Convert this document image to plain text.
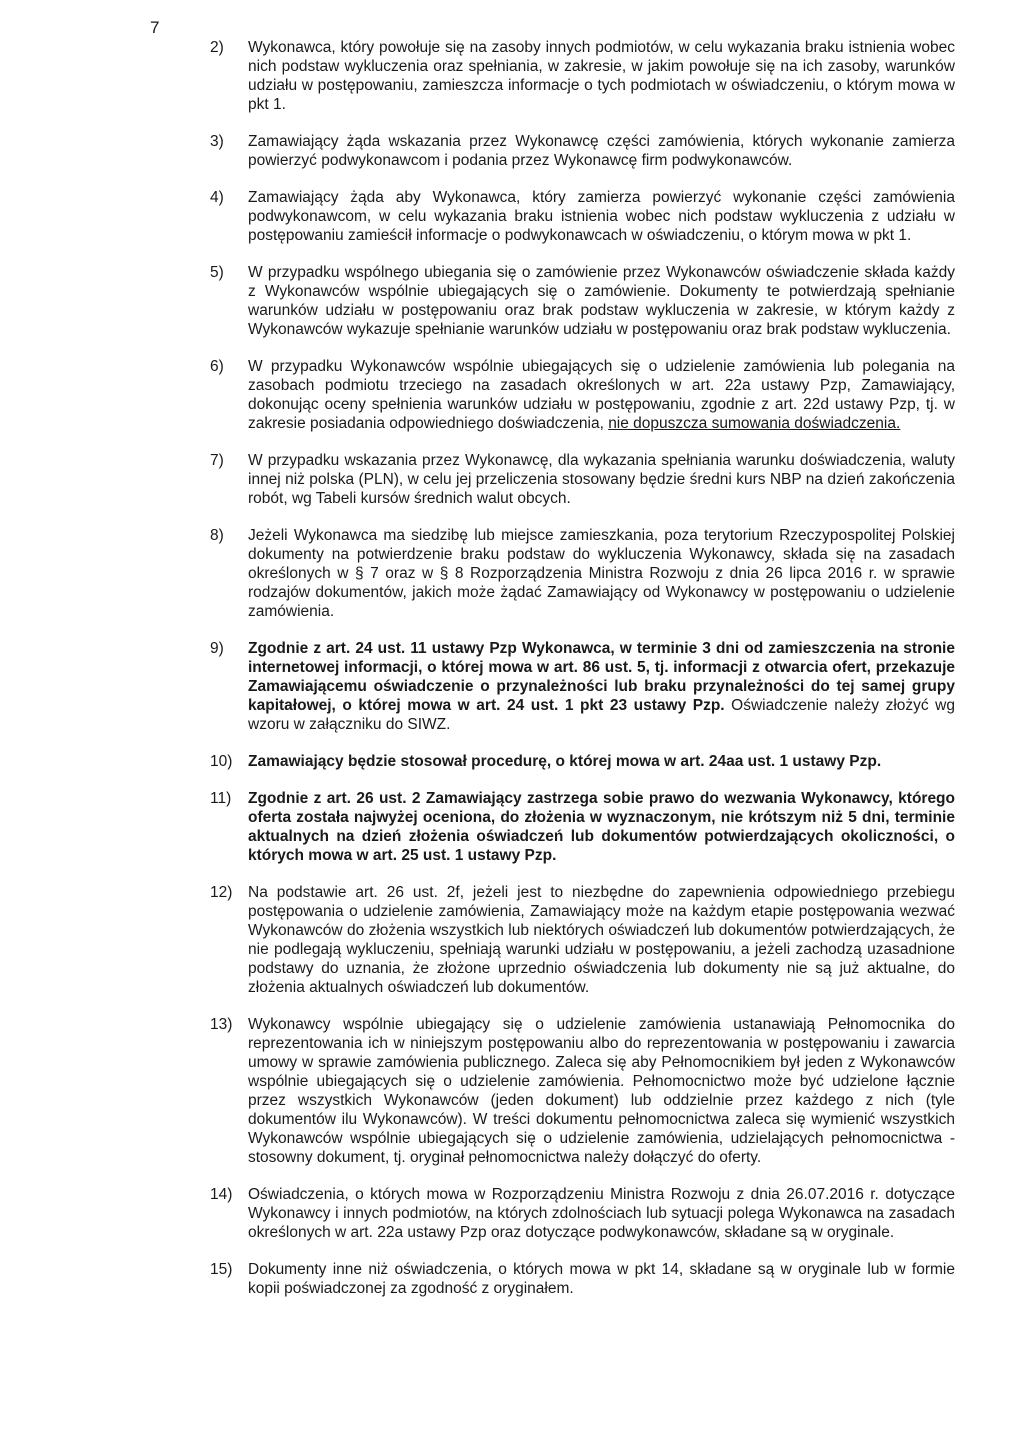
7
2)	Wykonawca, który powołuje się na zasoby innych podmiotów, w celu wykazania braku istnienia wobec nich podstaw wykluczenia oraz spełniania, w zakresie, w jakim powołuje się na ich zasoby, warunków udziału w postępowaniu, zamieszcza informacje o tych podmiotach w oświadczeniu, o którym mowa w pkt 1.
3)	Zamawiający żąda wskazania przez Wykonawcę części zamówienia, których wykonanie zamierza powierzyć podwykonawcom i podania przez Wykonawcę firm podwykonawców.
4)	Zamawiający żąda aby Wykonawca, który zamierza powierzyć wykonanie części zamówienia podwykonawcom, w celu wykazania braku istnienia wobec nich podstaw wykluczenia z udziału w postępowaniu zamieścił informacje o podwykonawcach w oświadczeniu, o którym mowa w pkt 1.
5)	W przypadku wspólnego ubiegania się o zamówienie przez Wykonawców oświadczenie składa każdy z Wykonawców wspólnie ubiegających się o zamówienie. Dokumenty te potwierdzają spełnianie warunków udziału w postępowaniu oraz brak podstaw wykluczenia w zakresie, w którym każdy z Wykonawców wykazuje spełnianie warunków udziału w postępowaniu oraz brak podstaw wykluczenia.
6)	W przypadku Wykonawców wspólnie ubiegających się o udzielenie zamówienia lub polegania na zasobach podmiotu trzeciego na zasadach określonych w art. 22a ustawy Pzp, Zamawiający, dokonując oceny spełnienia warunków udziału w postępowaniu, zgodnie z art. 22d ustawy Pzp, tj. w zakresie posiadania odpowiedniego doświadczenia, nie dopuszcza sumowania doświadczenia.
7)	W przypadku wskazania przez Wykonawcę, dla wykazania spełniania warunku doświadczenia, waluty innej niż polska (PLN), w celu jej przeliczenia stosowany będzie średni kurs NBP na dzień zakończenia robót, wg Tabeli kursów średnich walut obcych.
8)	Jeżeli Wykonawca ma siedzibę lub miejsce zamieszkania, poza terytorium Rzeczypospolitej Polskiej dokumenty na potwierdzenie braku podstaw do wykluczenia Wykonawcy, składa się na zasadach określonych w § 7 oraz w § 8 Rozporządzenia Ministra Rozwoju z dnia 26 lipca 2016 r. w sprawie rodzajów dokumentów, jakich może żądać Zamawiający od Wykonawcy w postępowaniu o udzielenie zamówienia.
9)	Zgodnie z art. 24 ust. 11 ustawy Pzp Wykonawca, w terminie 3 dni od zamieszczenia na stronie internetowej informacji, o której mowa w art. 86 ust. 5, tj. informacji z otwarcia ofert, przekazuje Zamawiającemu oświadczenie o przynależności lub braku przynależności do tej samej grupy kapitałowej, o której mowa w art. 24 ust. 1 pkt 23 ustawy Pzp. Oświadczenie należy złożyć wg wzoru w załączniku do SIWZ.
10)	Zamawiający będzie stosował procedurę, o której mowa w art. 24aa ust. 1 ustawy Pzp.
11)	Zgodnie z art. 26 ust. 2 Zamawiający zastrzega sobie prawo do wezwania Wykonawcy, którego oferta została najwyżej oceniona, do złożenia w wyznaczonym, nie krótszym niż 5 dni, terminie aktualnych na dzień złożenia oświadczeń lub dokumentów potwierdzających okoliczności, o których mowa w art. 25 ust. 1 ustawy Pzp.
12)	Na podstawie art. 26 ust. 2f, jeżeli jest to niezbędne do zapewnienia odpowiedniego przebiegu postępowania o udzielenie zamówienia, Zamawiający może na każdym etapie postępowania wezwać Wykonawców do złożenia wszystkich lub niektórych oświadczeń lub dokumentów potwierdzających, że nie podlegają wykluczeniu, spełniają warunki udziału w postępowaniu, a jeżeli zachodzą uzasadnione podstawy do uznania, że złożone uprzednio oświadczenia lub dokumenty nie są już aktualne, do złożenia aktualnych oświadczeń lub dokumentów.
13)	Wykonawcy wspólnie ubiegający się o udzielenie zamówienia ustanawiają Pełnomocnika do reprezentowania ich w niniejszym postępowaniu albo do reprezentowania w postępowaniu i zawarcia umowy w sprawie zamówienia publicznego. Zaleca się aby Pełnomocnikiem był jeden z Wykonawców wspólnie ubiegających się o udzielenie zamówienia. Pełnomocnictwo może być udzielone łącznie przez wszystkich Wykonawców (jeden dokument) lub oddzielnie przez każdego z nich (tyle dokumentów ilu Wykonawców). W treści dokumentu pełnomocnictwa zaleca się wymienić wszystkich Wykonawców wspólnie ubiegających się o udzielenie zamówienia, udzielających pełnomocnictwa - stosowny dokument, tj. oryginał pełnomocnictwa należy dołączyć do oferty.
14)	Oświadczenia, o których mowa w Rozporządzeniu Ministra Rozwoju z dnia 26.07.2016 r. dotyczące Wykonawcy i innych podmiotów, na których zdolnościach lub sytuacji polega Wykonawca na zasadach określonych w art. 22a ustawy Pzp oraz dotyczące podwykonawców, składane są w oryginale.
15)	Dokumenty inne niż oświadczenia, o których mowa w pkt 14, składane są w oryginale lub w formie kopii poświadczonej za zgodność z oryginałem.
